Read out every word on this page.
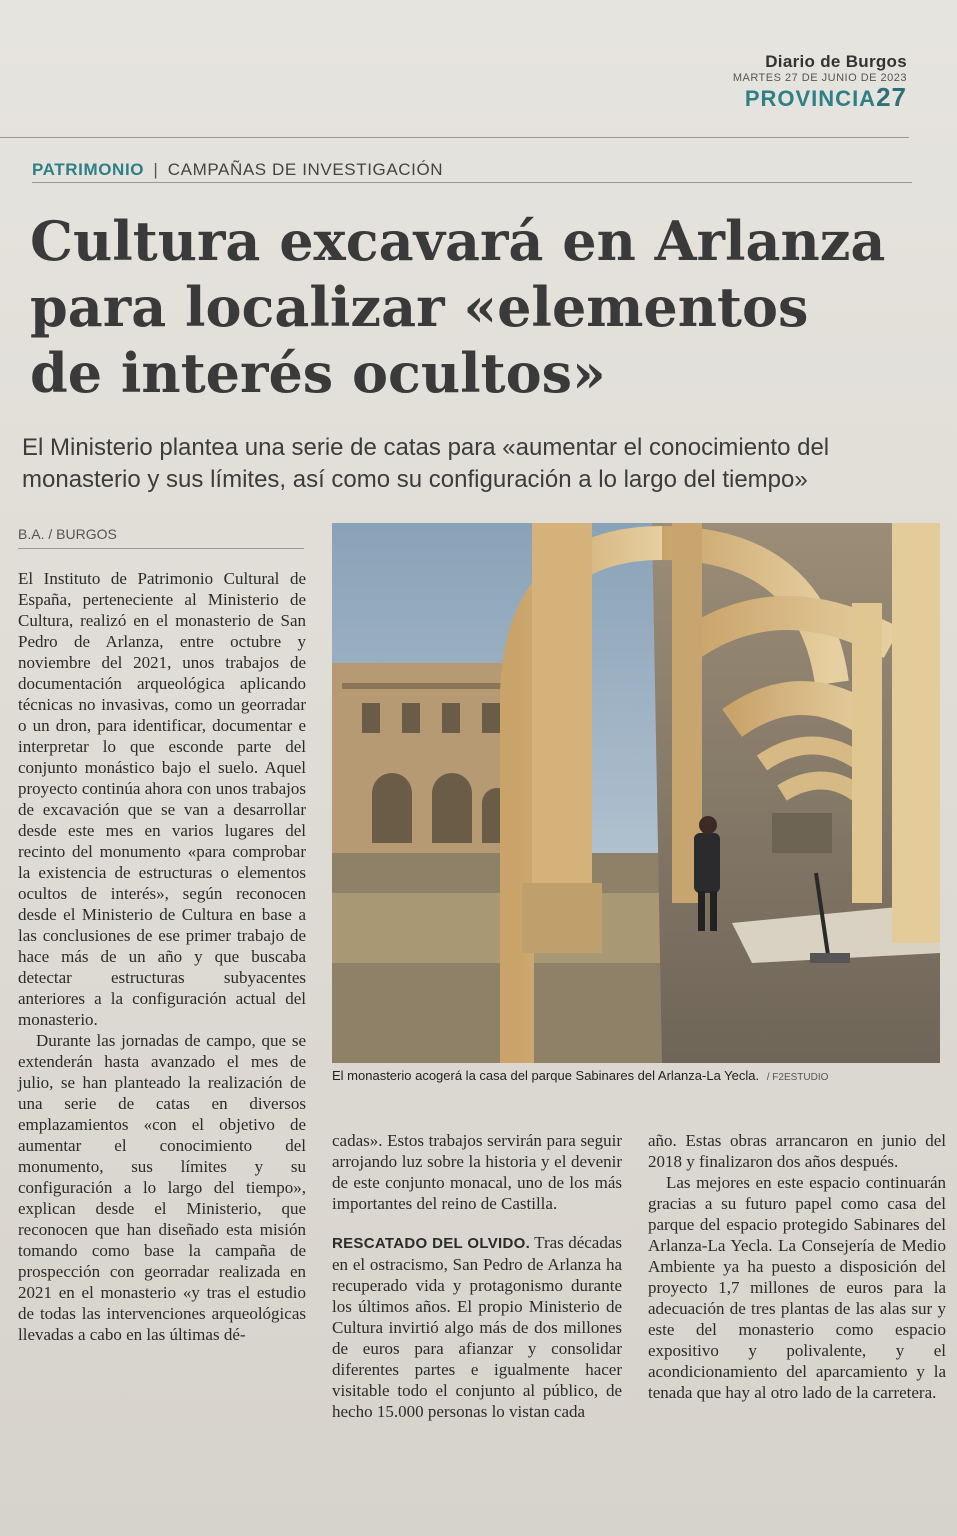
Diario de Burgos
MARTES 27 DE JUNIO DE 2023
PROVINCIA27
PATRIMONIO | CAMPAÑAS DE INVESTIGACIÓN
Cultura excavará en Arlanza
para localizar «elementos
de interés ocultos»
El Ministerio plantea una serie de catas para «aumentar el conocimiento del monasterio y sus límites, así como su configuración a lo largo del tiempo»
B.A. / BURGOS

El Instituto de Patrimonio Cultural de España, perteneciente al Ministerio de Cultura, realizó en el monasterio de San Pedro de Arlanza, entre octubre y noviembre del 2021, unos trabajos de documentación arqueológica aplicando técnicas no invasivas, como un georradar o un dron, para identificar, documentar e interpretar lo que esconde parte del conjunto monástico bajo el suelo. Aquel proyecto continúa ahora con unos trabajos de excavación que se van a desarrollar desde este mes en varios lugares del recinto del monumento «para comprobar la existencia de estructuras o elementos ocultos de interés», según reconocen desde el Ministerio de Cultura en base a las conclusiones de ese primer trabajo de hace más de un año y que buscaba detectar estructuras subyacentes anteriores a la configuración actual del monasterio.

Durante las jornadas de campo, que se extenderán hasta avanzado el mes de julio, se han planteado la realización de una serie de catas en diversos emplazamientos «con el objetivo de aumentar el conocimiento del monumento, sus límites y su configuración a lo largo del tiempo», explican desde el Ministerio, que reconocen que han diseñado esta misión tomando como base la campaña de prospección con georradar realizada en 2021 en el monasterio «y tras el estudio de todas las intervenciones arqueológicas llevadas a cabo en las últimas dé-

El monasterio acogerá la casa del parque Sabinares del Arlanza-La Yecla. / F2ESTUDIO

cadas». Estos trabajos servirán para seguir arrojando luz sobre la historia y el devenir de este conjunto monacal, uno de los más importantes del reino de Castilla.

RESCATADO DEL OLVIDO. Tras décadas en el ostracismo, San Pedro de Arlanza ha recuperado vida y protagonismo durante los últimos años. El propio Ministerio de Cultura invirtió algo más de dos millones de euros para afianzar y consolidar diferentes partes e igualmente hacer visitable todo el conjunto al público, de hecho 15.000 personas lo vistan cada

año. Estas obras arrancaron en junio del 2018 y finalizaron dos años después.

Las mejores en este espacio continuarán gracias a su futuro papel como casa del parque del espacio protegido Sabinares del Arlanza-La Yecla. La Consejería de Medio Ambiente ya ha puesto a disposición del proyecto 1,7 millones de euros para la adecuación de tres plantas de las alas sur y este del monasterio como espacio expositivo y polivalente, y el acondicionamiento del aparcamiento y la tenada que hay al otro lado de la carretera.
